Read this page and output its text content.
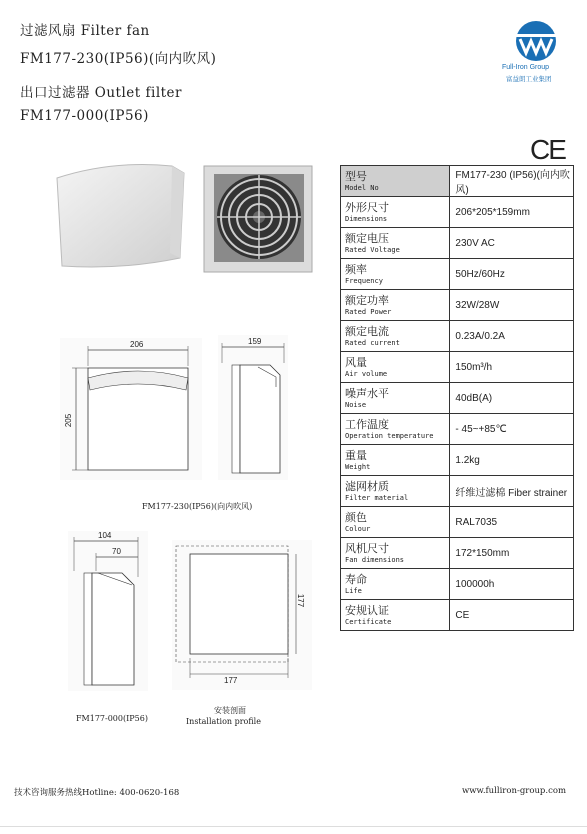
过滤风扇 Filter fan
FM177-230(IP56)(向内吹风)
出口过滤器 Outlet filter
FM177-000(IP56)
Full-Iron Group
富益朗工业集团
CE
206
205
159
FM177-230(IP56)(向内吹风)
104
70
FM177-000(IP56)
177
177
安装剖面
Installation profile
型号
Model No	FM177-230 (IP56)(向内吹风)

外形尺寸
Dimensions	206*205*159mm

额定电压
Rated Voltage	230V AC

频率
Frequency	50Hz/60Hz

额定功率
Rated Power	32W/28W

额定电流
Rated current	0.23A/0.2A

风量
Air volume	150m³/h

噪声水平
Noise	40dB(A)

工作温度
Operation temperature	- 45~+85℃

重量
Weight	1.2kg

滤网材质
Filter material	纤维过滤棉 Fiber strainer

颜色
Colour	RAL7035

风机尺寸
Fan dimensions	172*150mm

寿命
Life	100000h

安规认证
Certificate	CE
技术咨询服务热线Hotline: 400-0620-168	www.fulliron-group.com
